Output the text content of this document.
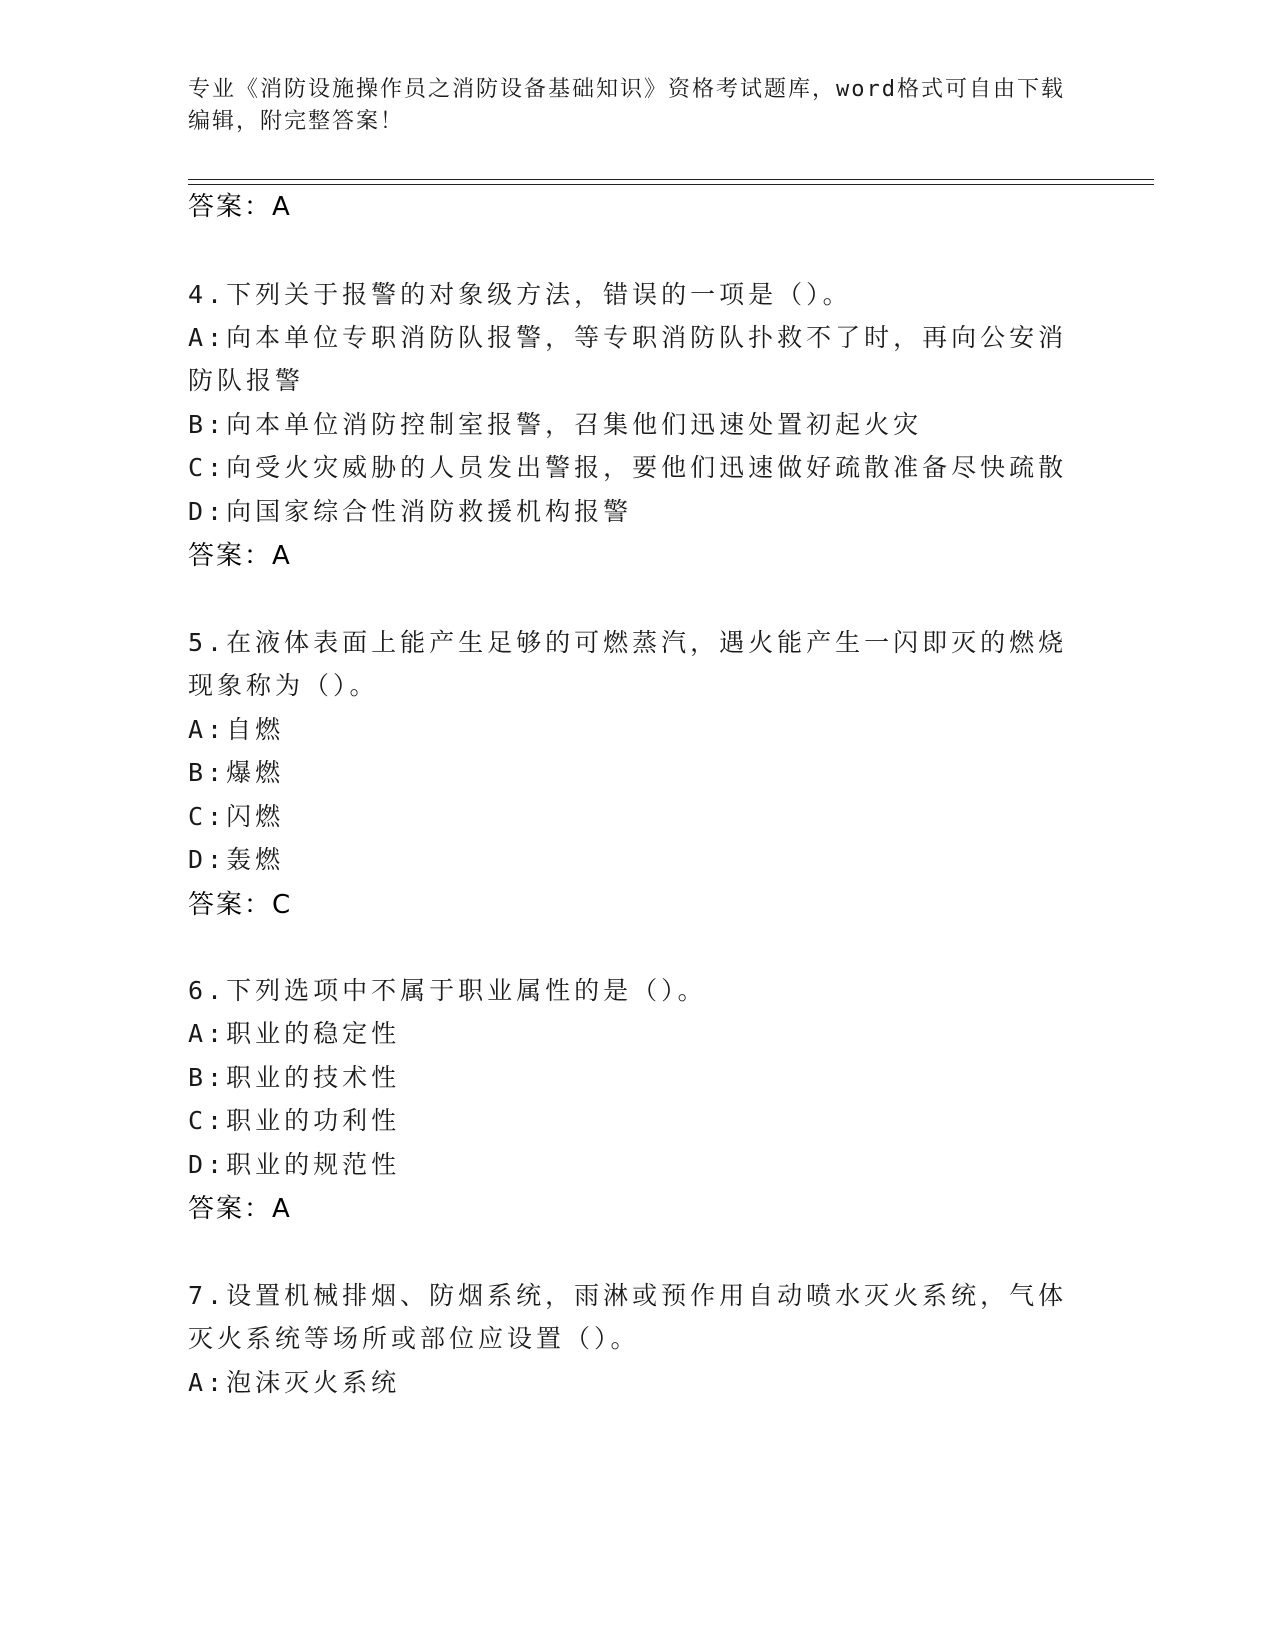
专业《消防设施操作员之消防设备基础知识》资格考试题库，word格式可自由下载编辑，附完整答案！
答案：A
4.下列关于报警的对象级方法，错误的一项是（）。
A:向本单位专职消防队报警，等专职消防队扑救不了时，再向公安消
防队报警
B:向本单位消防控制室报警，召集他们迅速处置初起火灾
C:向受火灾威胁的人员发出警报，要他们迅速做好疏散准备尽快疏散
D:向国家综合性消防救援机构报警
答案：A
5.在液体表面上能产生足够的可燃蒸汽，遇火能产生一闪即灭的燃烧
现象称为（）。
A:自燃
B:爆燃
C:闪燃
D:轰燃
答案：C
6.下列选项中不属于职业属性的是（）。
A:职业的稳定性
B:职业的技术性
C:职业的功利性
D:职业的规范性
答案：A
7.设置机械排烟、防烟系统，雨淋或预作用自动喷水灭火系统，气体
灭火系统等场所或部位应设置（）。
A:泡沫灭火系统
